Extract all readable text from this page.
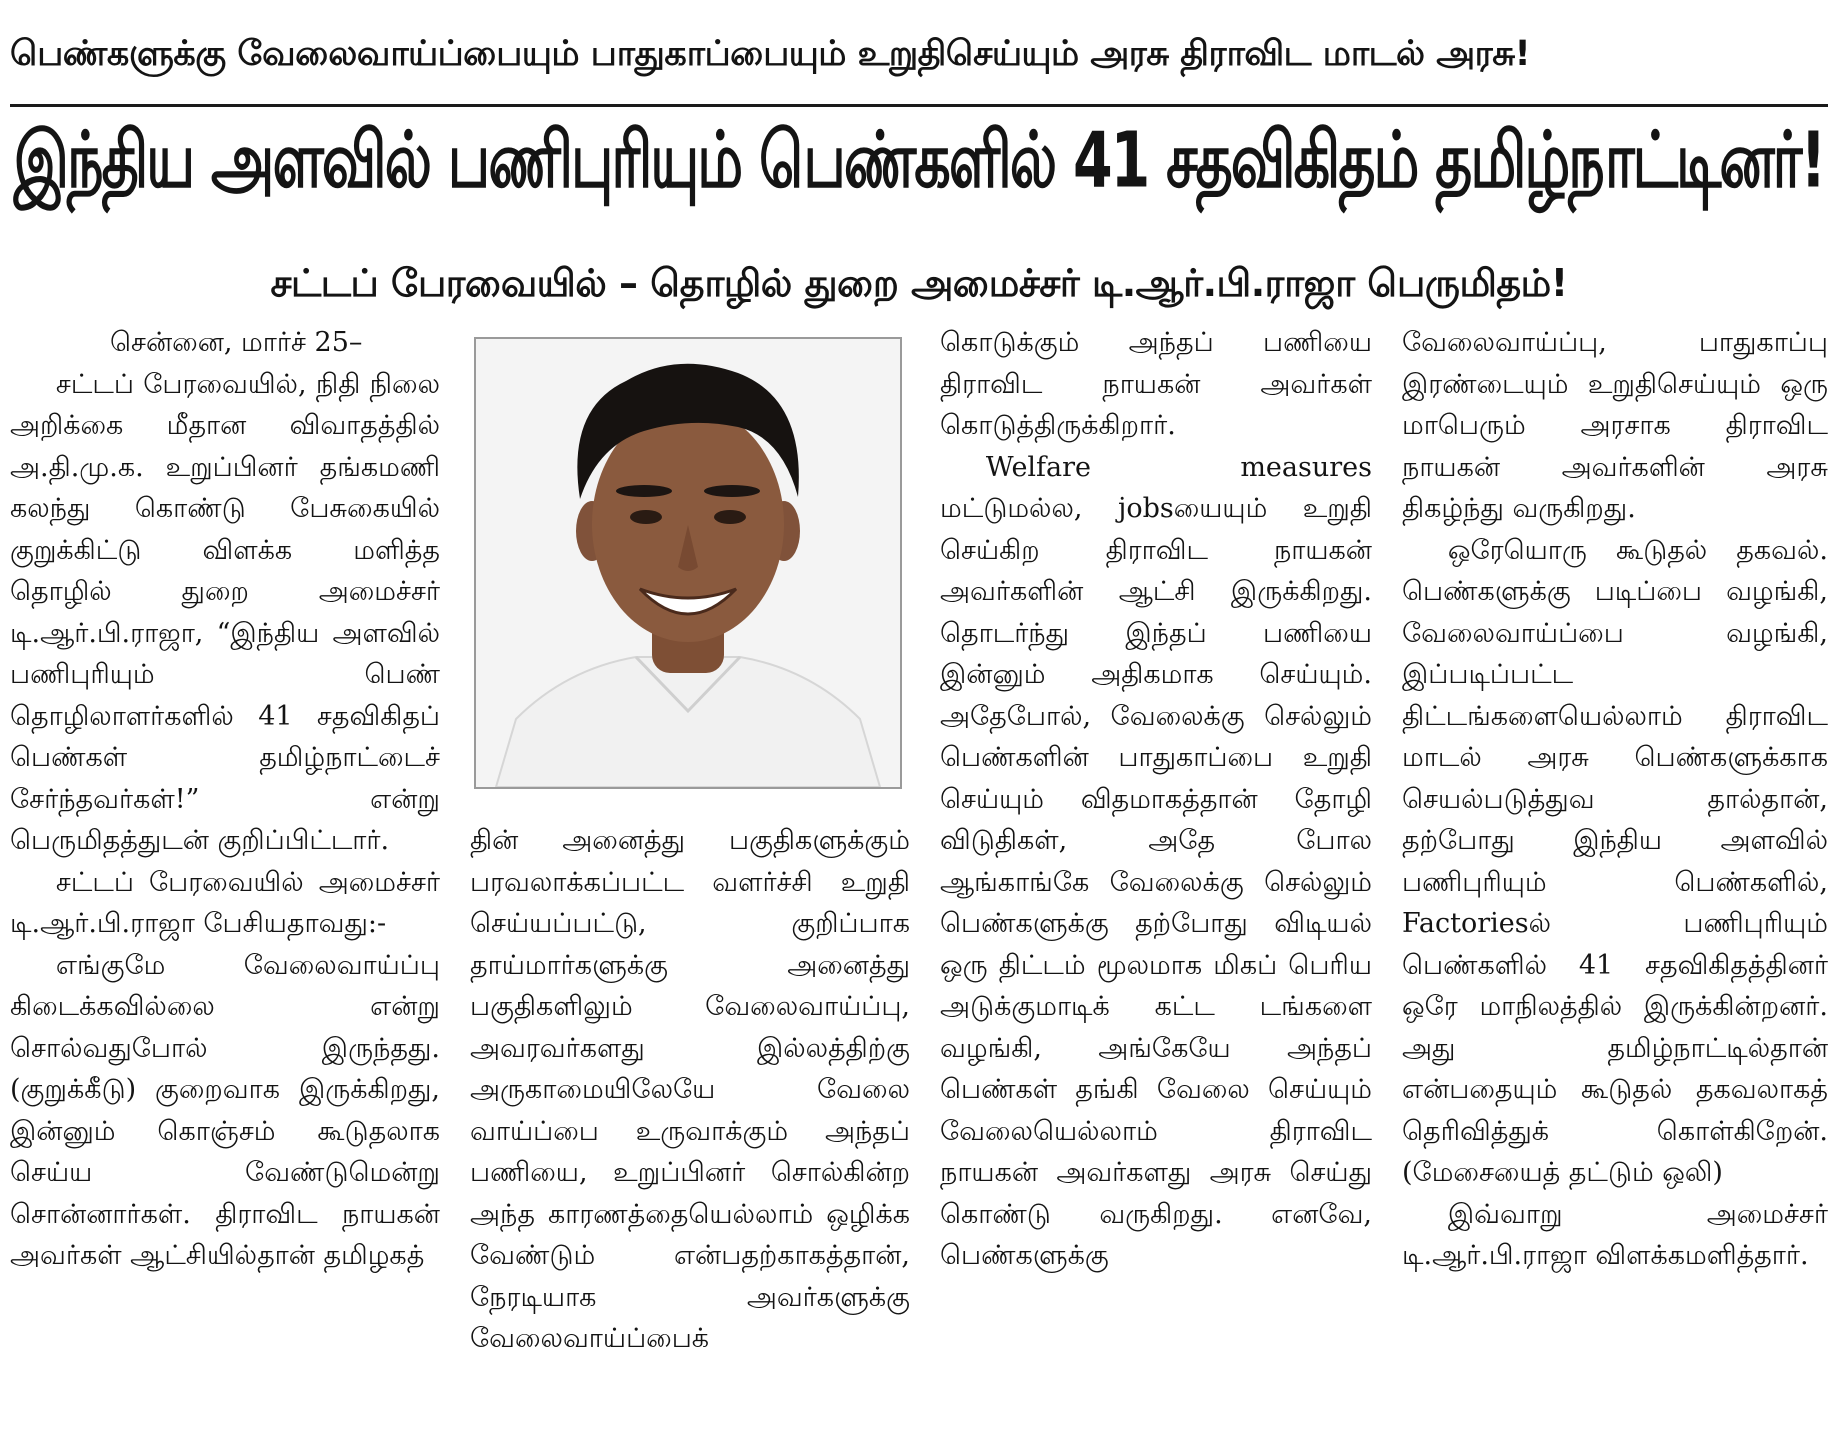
பெண்களுக்கு வேலைவாய்ப்பையும் பாதுகாப்பையும் உறுதிசெய்யும் அரசு திராவிட மாடல் அரசு!
இந்திய அளவில் பணிபுரியும் பெண்களில் 41 சதவிகிதம் தமிழ்நாட்டினர்!
சட்டப் பேரவையில் – தொழில் துறை அமைச்சர் டி.ஆர்.பி.ராஜா பெருமிதம்!

சென்னை, மார்ச் 25–

சட்டப் பேரவையில், நிதி நிலை அறிக்கை மீதான விவாதத்தில் அ.தி.மு.க. உறுப்பினர் தங்கமணி கலந்து கொண்டு பேசுகையில் குறுக்கிட்டு விளக்க மளித்த தொழில் துறை அமைச்சர் டி.ஆர்.பி.ராஜா, “இந்திய அளவில் பணிபுரியும் பெண் தொழிலாளர்களில் 41 சதவிகிதப் பெண்கள் தமிழ்நாட்டைச் சேர்ந்தவர்கள்!” என்று பெருமிதத்துடன் குறிப்பிட்டார்.

சட்டப் பேரவையில் அமைச்சர் டி.ஆர்.பி.ராஜா பேசியதாவது:-

எங்குமே வேலைவாய்ப்பு கிடைக்கவில்லை என்று சொல்வதுபோல் இருந்தது. (குறுக்கீடு) குறைவாக இருக்கிறது, இன்னும் கொஞ்சம் கூடுதலாக செய்ய வேண்டுமென்று சொன்னார்கள். திராவிட நாயகன் அவர்கள் ஆட்சியில்தான் தமிழகத்

தின் அனைத்து பகுதிகளுக்கும் பரவலாக்கப்பட்ட வளர்ச்சி உறுதி செய்யப்பட்டு, குறிப்பாக தாய்மார்களுக்கு அனைத்து பகுதிகளிலும் வேலைவாய்ப்பு, அவரவர்களது இல்லத்திற்கு அருகாமையிலேயே வேலை வாய்ப்பை உருவாக்கும் அந்தப் பணியை, உறுப்பினர் சொல்கின்ற அந்த காரணத்தையெல்லாம் ஒழிக்க வேண்டும் என்பதற்காகத்தான், நேரடியாக அவர்களுக்கு வேலைவாய்ப்பைக்

கொடுக்கும் அந்தப் பணியை திராவிட நாயகன் அவர்கள் கொடுத்திருக்கிறார்.

Welfare measures மட்டுமல்ல, jobsயையும் உறுதி செய்கிற திராவிட நாயகன் அவர்களின் ஆட்சி இருக்கிறது. தொடர்ந்து இந்தப் பணியை இன்னும் அதிகமாக செய்யும். அதேபோல், வேலைக்கு செல்லும் பெண்களின் பாதுகாப்பை உறுதி செய்யும் விதமாகத்தான் தோழி விடுதிகள், அதே போல ஆங்காங்கே வேலைக்கு செல்லும் பெண்களுக்கு தற்போது விடியல் ஒரு திட்டம் மூலமாக மிகப் பெரிய அடுக்குமாடிக் கட்ட டங்களை வழங்கி, அங்கேயே அந்தப் பெண்கள் தங்கி வேலை செய்யும் வேலையெல்லாம் திராவிட நாயகன் அவர்களது அரசு செய்து கொண்டு வருகிறது. எனவே, பெண்களுக்கு

வேலைவாய்ப்பு, பாதுகாப்பு இரண்டையும் உறுதிசெய்யும் ஒரு மாபெரும் அரசாக திராவிட நாயகன் அவர்களின் அரசு திகழ்ந்து வருகிறது.

ஒரேயொரு கூடுதல் தகவல். பெண்களுக்கு படிப்பை வழங்கி, வேலைவாய்ப்பை வழங்கி, இப்படிப்பட்ட திட்டங்களையெல்லாம் திராவிட மாடல் அரசு பெண்களுக்காக செயல்படுத்துவ தால்தான், தற்போது இந்திய அளவில் பணிபுரியும் பெண்களில், Factoriesல் பணிபுரியும் பெண்களில் 41 சதவிகிதத்தினர் ஒரே மாநிலத்தில் இருக்கின்றனர். அது தமிழ்நாட்டில்தான் என்பதையும் கூடுதல் தகவலாகத் தெரிவித்துக் கொள்கிறேன். (மேசையைத் தட்டும் ஒலி)

இவ்வாறு அமைச்சர் டி.ஆர்.பி.ராஜா விளக்கமளித்தார்.
